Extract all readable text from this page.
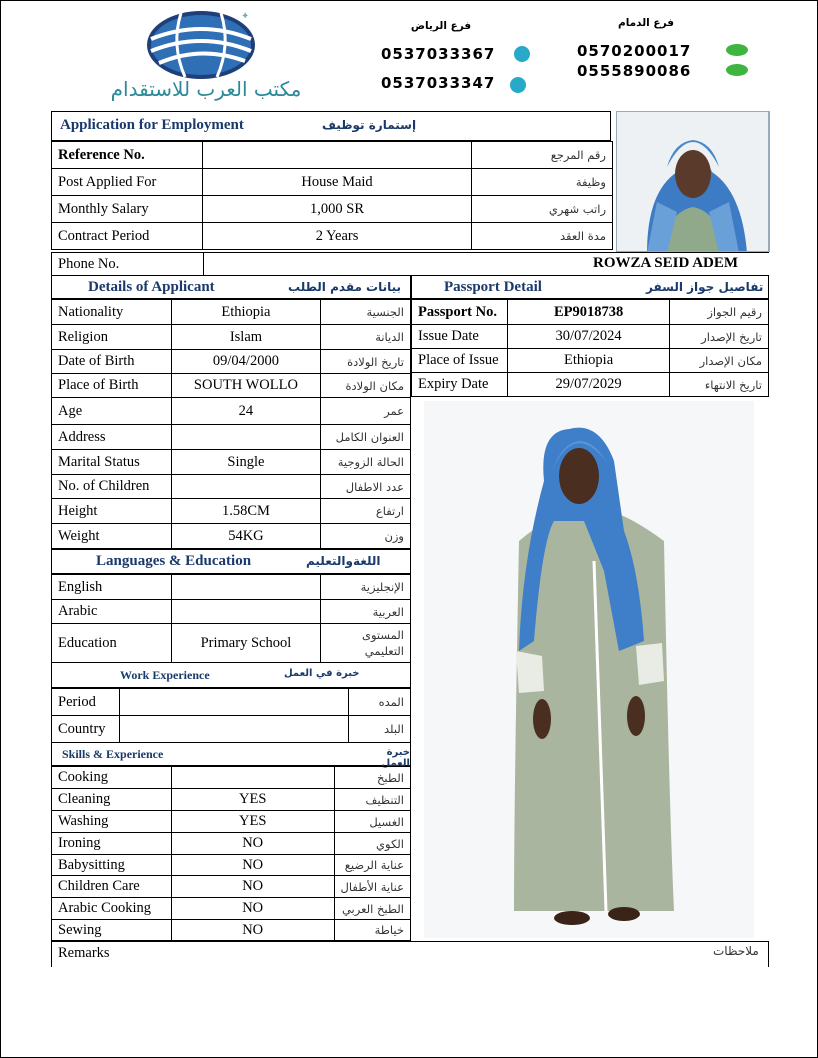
✦
مكتب العرب للاستقدام
فرع الرياض
0537033367
0537033347
فرع الدمام
0570200017
0555890086
Application for Employment	إستمارة توظيف
Reference No.		رقم المرجع
Post Applied For	House Maid	وظيفة
Monthly Salary	1,000 SR	راتب شهري
Contract Period	2 Years	مدة العقد
Phone No.	ROWZA SEID ADEM
Details of Applicant	بيانات مقدم الطلب
Nationality	Ethiopia	الجنسية
Religion	Islam	الديانة
Date of Birth	09/04/2000	تاريخ الولادة
Place of Birth	SOUTH WOLLO	مكان الولادة
Age	24	عمر
Address		العنوان الكامل
Marital Status	Single	الحالة الزوجية
No. of Children		عدد الاطفال
Height	1.58CM	ارتفاع
Weight	54KG	وزن
Languages & Education	اللغةوالتعليم
English		الإنجليزية
Arabic		العربية
Education	Primary School	المستوى التعليمي
Work Experience	خبرة في العمل
Period		المده
Country		البلد
Skills & Experience	خبرة العمل
Cooking		الطبخ
Cleaning	YES	التنظيف
Washing	YES	الغسيل
Ironing	NO	الكوي
Babysitting	NO	عناية الرضيع
Children Care	NO	عناية الأطفال
Arabic Cooking	NO	الطبخ العربي
Sewing	NO	خياطة
Passport Detail	تفاصيل جواز السفر
Passport No.	EP9018738	رقيم الجواز
Issue Date	30/07/2024	تاريخ الإصدار
Place of Issue	Ethiopia	مكان الإصدار
Expiry Date	29/07/2029	تاريخ الانتهاء
Remarks	ملاحظات
